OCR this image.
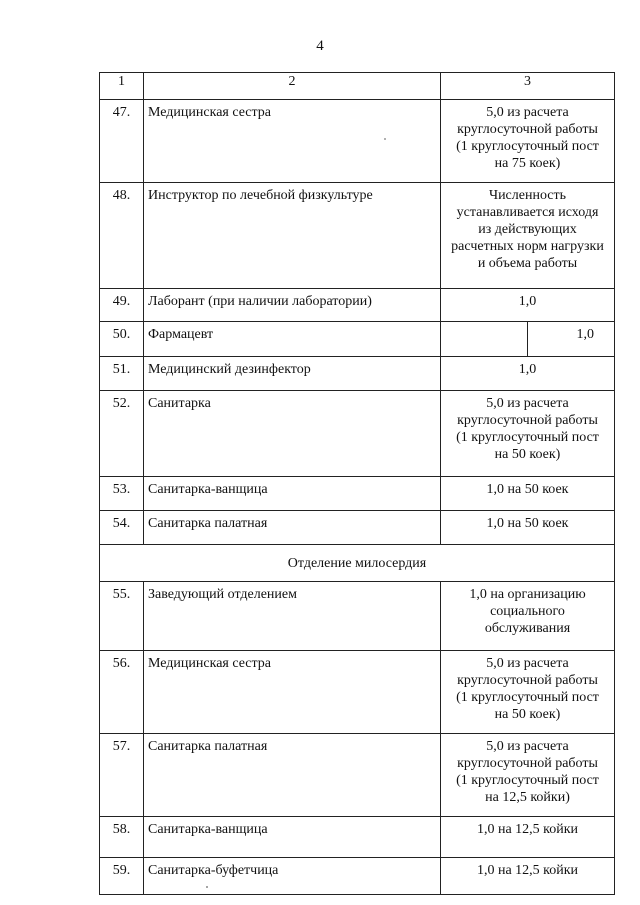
4
1	2	3	
47.	Медицинская сестра	5,0 из расчета
круглосуточной работы
(1 круглосуточный пост
на 75 коек)	

48.	Инструктор по лечебной физкультуре	Численность
устанавливается исходя
из действующих
расчетных норм нагрузки
и объема работы	

49.	Лаборант (при наличии лаборатории)	1,0	
50.	Фармацевт		1,0
51.	Медицинский дезинфектор	1,0	
52.	Санитарка	5,0 из расчета
круглосуточной работы
(1 круглосуточный пост
на 50 коек)	

53.	Санитарка-ванщица	1,0 на 50 коек	
54.	Санитарка палатная	1,0 на 50 коек	
Отделение милосердия			
55.	Заведующий отделением	1,0 на организацию
социального
обслуживания	

56.	Медицинская сестра	5,0 из расчета
круглосуточной работы
(1 круглосуточный пост
на 50 коек)	

57.	Санитарка палатная	5,0 из расчета
круглосуточной работы
(1 круглосуточный пост
на 12,5 койки)	

58.	Санитарка-ванщица	1,0 на 12,5 койки	
59.	Санитарка-буфетчица	1,0 на 12,5 койки	
